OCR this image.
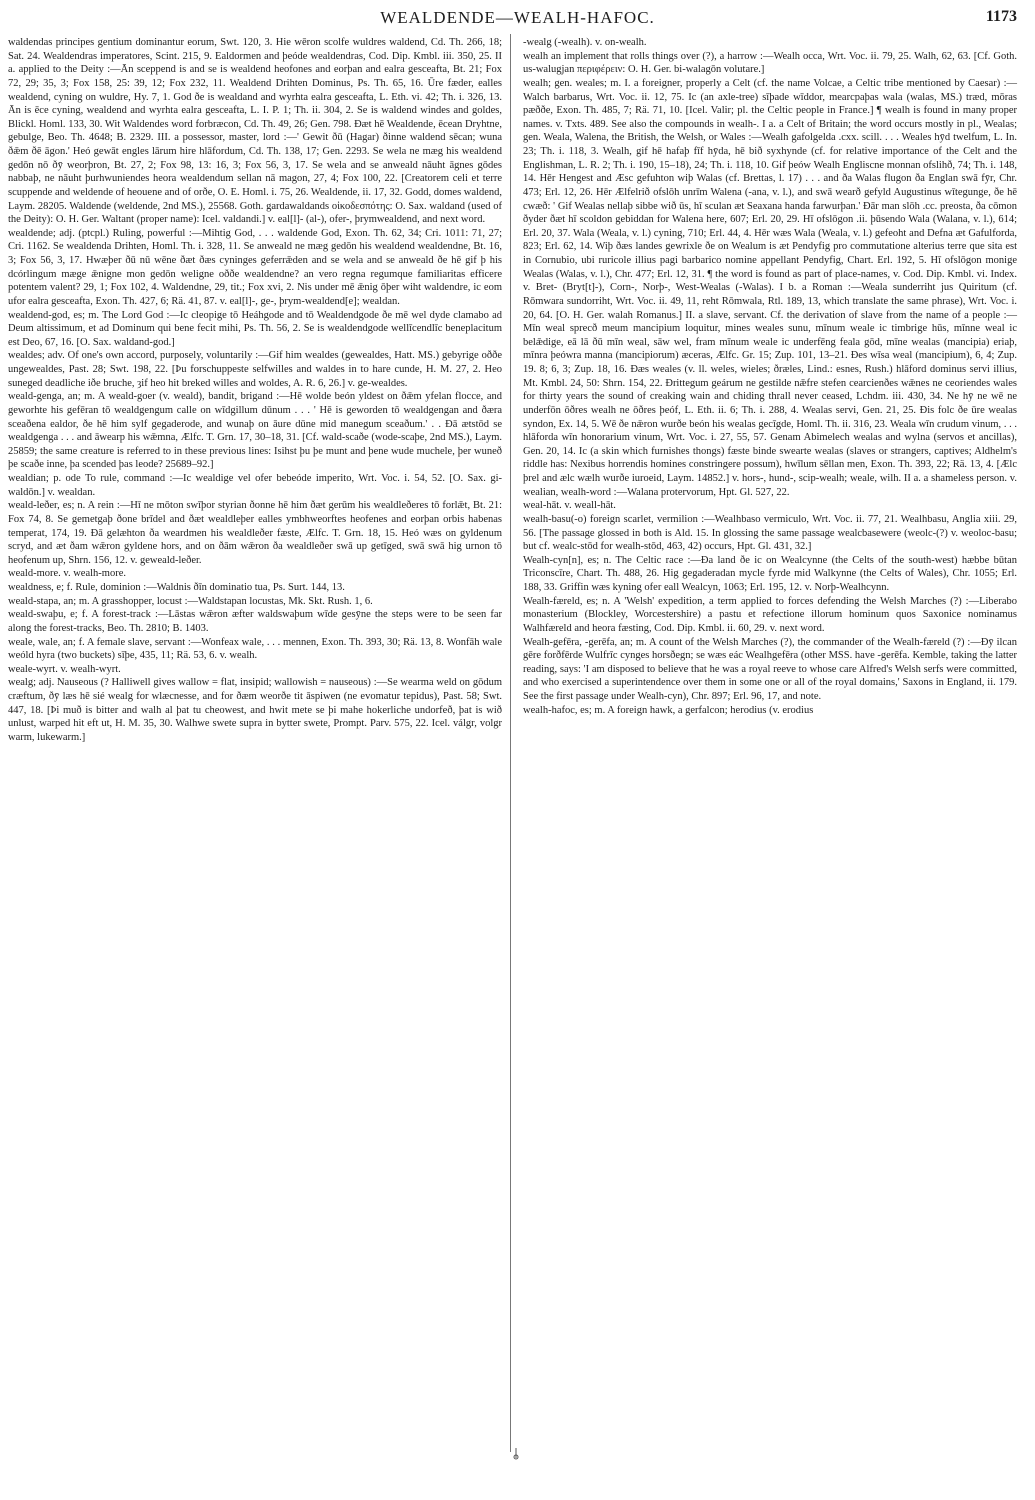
WEALDENDE—WEALH-HAFOC.	1173

waldendas principes gentium dominantur eorum, Swt. 120, 3. Hie wēron scolfe wuldres waldend, Cd. Th. 266, 18; Sat. 24. Wealdendras imperatores, Scint. 215, 9. Ealdormen and þeóde wealdendras, Cod. Dip. Kmbl. iii. 350, 25. II a. applied to the Deity :—Ān sceppend is and se is wealdend heofones and eorþan and ealra gesceafta, Bt. 21; Fox 72, 29; 35, 3; Fox 158, 25: 39, 12; Fox 232, 11. Wealdend Drihten Dominus, Ps. Th. 65, 16. Ūre fæder, ealles wealdend, cyning on wuldre, Hy. 7, 1. God ðe is wealdand and wyrhta ealra gesceafta, L. Eth. vi. 42; Th. i. 326, 13. Ān is ēce cyning, wealdend and wyrhta ealra gesceafta, L. I. P. 1; Th. ii. 304, 2. Se is waldend windes and goldes, Blickl. Homl. 133, 30. Wit Waldendes word forbræcon, Cd. Th. 49, 26; Gen. 798. Ðæt hē Wealdende, ēcean Dryhtne, gebulge, Beo. Th. 4648; B. 2329. III. a possessor, master, lord :—' Gewit ðū (Hagar) ðinne waldend sēcan; wuna ðǣm ðē āgon.' Heó gewāt engles lārum hire hlāfordum, Cd. Th. 138, 17; Gen. 2293. Se wela ne mæg his wealdend gedōn nō ðȳ weorþron, Bt. 27, 2; Fox 98, 13: 16, 3; Fox 56, 3, 17. Se wela and se anweald nāuht āgnes gōdes nabbaþ, ne nāuht þurhwuniendes heora wealdendum sellan nā magon, 27, 4; Fox 100, 22. [Creatorem celi et terre scuppende and weldende of heouene and of orðe, O. E. Homl. i. 75, 26. Wealdende, ii. 17, 32. Godd, domes waldend, Laym. 28205. Waldende (weldende, 2nd MS.), 25568. Goth. gardawaldands οἰκοδεσπότης: O. Sax. waldand (used of the Deity): O. H. Ger. Waltant (proper name): Icel. valdandi.] v. eal[l]- (al-), ofer-, þrymwealdend, and next word.

wealdende; adj. (ptcpl.) Ruling, powerful :—Mihtig God, . . . waldende God, Exon. Th. 62, 34; Cri. 1011: 71, 27; Cri. 1162. Se wealdenda Drihten, Homl. Th. i. 328, 11. Se anweald ne mæg gedōn his wealdend wealdendne, Bt. 16, 3; Fox 56, 3, 17. Hwæþer ðū nū wēne ðæt ðæs cyninges geferrǣden and se wela and se anweald ðe hē gif þ his dcórlingum mæge ǣnigne mon gedōn weligne oððe wealdendne? an vero regna regumque familiaritas efficere potentem valent? 29, 1; Fox 102, 4. Waldendne, 29, tit.; Fox xvi, 2. Nis under mē ǣnig ōþer wiht waldendre, ic eom ufor ealra gesceafta, Exon. Th. 427, 6; Rä. 41, 87. v. eal[l]-, ge-, þrym-wealdend[e]; wealdan.

wealdend-god, es; m. The Lord God :—Ic cleopige tō Heáhgode and tō Wealdendgode ðe mē wel dyde clamabo ad Deum altissimum, et ad Dominum qui bene fecit mihi, Ps. Th. 56, 2. Se is wealdendgode wellīcendlīc beneplacitum est Deo, 67, 16. [O. Sax. waldand-god.]

wealdes; adv. Of one's own accord, purposely, voluntarily :—Gif him wealdes (gewealdes, Hatt. MS.) gebyrige oððe ungewealdes, Past. 28; Swt. 198, 22. [Þu forschuppeste selfwilles and waldes in to hare cunde, H. M. 27, 2. Heo suneged deadliche iðe bruche, ȝif heo hit breked willes and woldes, A. R. 6, 26.] v. ge-wealdes.

weald-genga, an; m. A weald-goer (v. weald), bandit, brigand :—Hē wolde beón yldest on ðǣm yfelan flocce, and geworhte his gefēran tō wealdgengum calle on wīdgillum dūnum . . . ' Hē is geworden tō wealdgengan and ðæra sceaðena ealdor, ðe hē him sylf gegaderode, and wunaþ on āure dūne mid manegum sceaðum.' . . Ðā ætstōd se wealdgenga . . . and āwearp his wǣmna, Ælfc. T. Grn. 17, 30–18, 31. [Cf. wald-scaðe (wode-scaþe, 2nd MS.), Laym. 25859; the same creature is referred to in these previous lines: Isihst þu þe munt and þene wude muchele, þer wuneð þe scaðe inne, þa scended þas leode? 25689–92.]

wealdian; p. ode To rule, command :—Ic wealdige vel ofer bebeóde imperito, Wrt. Voc. i. 54, 52. [O. Sax. gi-waldōn.] v. wealdan.

weald-leðer, es; n. A rein :—Hī ne mōton swīþor styrian ðonne hē him ðæt gerūm his wealdleðeres tō forlǣt, Bt. 21: Fox 74, 8. Se gemetgaþ ðone brīdel and ðæt wealdleþer ealles ymbhweorftes heofenes and eorþan orbis habenas temperat, 174, 19. Ðā gelæhton ða weardmen his wealdleðer fæste, Ælfc. T. Grn. 18, 15. Heó wæs on gyldenum scryd, and æt ðam wǣron gyldene hors, and on ðām wǣron ða wealdleðer swā up getīged, swā swā hig urnon tō heofenum up, Shrn. 156, 12. v. geweald-leðer.

weald-more. v. wealh-more.

wealdness, e; f. Rule, dominion :—Waldnis ðīn dominatio tua, Ps. Surt. 144, 13.

weald-stapa, an; m. A grasshopper, locust :—Waldstapan locustas, Mk. Skt. Rush. 1, 6.

weald-swaþu, e; f. A forest-track :—Lāstas wǣron æfter waldswaþum wīde gesȳne the steps were to be seen far along the forest-tracks, Beo. Th. 2810; B. 1403.

weale, wale, an; f. A female slave, servant :—Wonfeax wale, . . . mennen, Exon. Th. 393, 30; Rä. 13, 8. Wonfāh wale weóld hyra (two buckets) sīþe, 435, 11; Rä. 53, 6. v. wealh.

weale-wyrt. v. wealh-wyrt.

wealg; adj. Nauseous (? Halliwell gives wallow = flat, insipid; wallowish = nauseous) :—Se wearma weld on gōdum cræftum, ðȳ læs hē sié wealg for wlæcnesse, and for ðæm weorðe tit āspiwen (ne evomatur tepidus), Past. 58; Swt. 447, 18. [Þi muð is bitter and walh al þat tu cheowest, and hwit mete se þi mahe hokerliche undorfeð, þat is wið unlust, warped hit eft ut, H. M. 35, 30. Walhwe swete supra in bytter swete, Prompt. Parv. 575, 22. Icel. válgr, volgr warm, lukewarm.]

-wealg (-wealh). v. on-wealh.

wealh an implement that rolls things over (?), a harrow :—Wealh occa, Wrt. Voc. ii. 79, 25. Walh, 62, 63. [Cf. Goth. us-walugjan περιφέρειν: O. H. Ger. bi-walagōn volutare.]

wealh; gen. weales; m. I. a foreigner, properly a Celt (cf. the name Volcae, a Celtic tribe mentioned by Caesar) :—Walch barbarus, Wrt. Voc. ii. 12, 75. Ic (an axle-tree) sīþade wīddor, mearcpaþas wala (walas, MS.) træd, mōras pæððe, Exon. Th. 485, 7; Rä. 71, 10. [Icel. Valir; pl. the Celtic people in France.] ¶ wealh is found in many proper names. v. Txts. 489. See also the compounds in wealh-. I a. a Celt of Britain; the word occurs mostly in pl., Wealas; gen. Weala, Walena, the British, the Welsh, or Wales :—Wealh gafolgelda .cxx. scill. . . . Weales hȳd twelfum, L. In. 23; Th. i. 118, 3. Wealh, gif hē hafaþ fīf hȳda, hē bið syxhynde (cf. for relative importance of the Celt and the Englishman, L. R. 2; Th. i. 190, 15–18), 24; Th. i. 118, 10. Gif þeów Wealh Engliscne monnan ofslihð, 74; Th. i. 148, 14. Hēr Hengest and Æsc gefuhton wiþ Walas (cf. Brettas, l. 17) . . . and ða Walas flugon ða Englan swā fȳr, Chr. 473; Erl. 12, 26. Hēr Ælfelrið ofslōh unrīm Walena (-ana, v. l.), and swā wearð gefyld Augustinus wītegunge, ðe hē cwæð: ' Gif Wealas nellaþ sibbe wið ūs, hī sculan æt Seaxana handa farwurþan.' Ðār man slōh .cc. preosta, ða cōmon ðyder ðæt hī scoldon gebiddan for Walena here, 607; Erl. 20, 29. Hī ofslōgon .ii. þūsendo Wala (Walana, v. l.), 614; Erl. 20, 37. Wala (Weala, v. l.) cyning, 710; Erl. 44, 4. Hēr wæs Wala (Weala, v. l.) gefeoht and Defna æt Gafulforda, 823; Erl. 62, 14. Wiþ ðæs landes gewrixle ðe on Wealum is æt Pendyfig pro commutatione alterius terre que sita est in Cornubio, ubi ruricole illius pagi barbarico nomine appellant Pendyfig, Chart. Erl. 192, 5. Hī ofslōgon monige Wealas (Walas, v. l.), Chr. 477; Erl. 12, 31. ¶ the word is found as part of place-names, v. Cod. Dip. Kmbl. vi. Index. v. Bret- (Bryt[t]-), Corn-, Norþ-, West-Wealas (-Walas). I b. a Roman :—Weala sunderriht jus Quiritum (cf. Rōmwara sundorriht, Wrt. Voc. ii. 49, 11, reht Rōmwala, Rtl. 189, 13, which translate the same phrase), Wrt. Voc. i. 20, 64. [O. H. Ger. walah Romanus.] II. a slave, servant. Cf. the derivation of slave from the name of a people :—Mīn weal sprecð meum mancipium loquitur, mines weales sunu, mīnum weale ic timbrige hūs, mīnne weal ic belǣdige, eā lā ðū mīn weal, sāw wel, fram mīnum weale ic underfēng feala gōd, mīne wealas (mancipia) eriaþ, mīnra þeówra manna (mancipiorum) æceras, Ælfc. Gr. 15; Zup. 101, 13–21. Ðes wīsa weal (mancipium), 6, 4; Zup. 19. 8; 6, 3; Zup. 18, 16. Ðæs weales (v. ll. weles, wieles; ðræles, Lind.: esnes, Rush.) hlāford dominus servi illius, Mt. Kmbl. 24, 50: Shrn. 154, 22. Ðrittegum geárum ne gestilde nǣfre stefen cearcienðes wǣnes ne ceoriendes wales for thirty years the sound of creaking wain and chiding thrall never ceased, Lchdm. iii. 430, 34. Ne hȳ ne wē ne underfōn ōðres wealh ne ōðres þeóf, L. Eth. ii. 6; Th. i. 288, 4. Wealas servi, Gen. 21, 25. Ðis folc ðe ūre wealas syndon, Ex. 14, 5. Wē ðe nǣron wurðe beón his wealas gecīgde, Homl. Th. ii. 316, 23. Weala wīn crudum vinum, . . . hlāforda wīn honorarium vinum, Wrt. Voc. i. 27, 55, 57. Genam Abimelech wealas and wylna (servos et ancillas), Gen. 20, 14. Ic (a skin which furnishes thongs) fæste binde swearte wealas (slaves or strangers, captives; Aldhelm's riddle has: Nexibus horrendis homines constringere possum), hwīlum sēllan men, Exon. Th. 393, 22; Rä. 13, 4. [Ælc þrel and ælc wælh wurðe iuroeid, Laym. 14852.] v. hors-, hund-, scip-wealh; weale, wilh. II a. a shameless person. v. wealian, wealh-word :—Walana protervorum, Hpt. Gl. 527, 22.

weal-hāt. v. weall-hāt.

wealh-basu(-o) foreign scarlet, vermilion :—Wealhbaso vermiculo, Wrt. Voc. ii. 77, 21. Wealhbasu, Anglia xiii. 29, 56. [The passage glossed in both is Ald. 15. In glossing the same passage wealcbasewere (weolc-(?) v. weoloc-basu; but cf. wealc-stōd for wealh-stōd, 463, 42) occurs, Hpt. Gl. 431, 32.]

Wealh-cyn[n], es; n. The Celtic race :—Ða land ðe ic on Wealcynne (the Celts of the south-west) hæbbe būtan Triconscīre, Chart. Th. 488, 26. Hig gegaderadan mycle fyrde mid Walkynne (the Celts of Wales), Chr. 1055; Erl. 188, 33. Griffin wæs kyning ofer eall Wealcyn, 1063; Erl. 195, 12. v. Norþ-Wealhcynn.

Wealh-færeld, es; n. A 'Welsh' expedition, a term applied to forces defending the Welsh Marches (?) :—Liberabo monasterium (Blockley, Worcestershire) a pastu et refectione illorum hominum quos Saxonice nominamus Walhfæreld and heora fæsting, Cod. Dip. Kmbl. ii. 60, 29. v. next word.

Wealh-gefēra, -gerēfa, an; m. A count of the Welsh Marches (?), the commander of the Wealh-færeld (?) :—Ðȳ ilcan gēre forðfērde Wulfrīc cynges horsðegn; se wæs eác Wealhgefēra (other MSS. have -gerēfa. Kemble, taking the latter reading, says: 'I am disposed to believe that he was a royal reeve to whose care Alfred's Welsh serfs were committed, and who exercised a superintendence over them in some one or all of the royal domains,' Saxons in England, ii. 179. See the first passage under Wealh-cyn), Chr. 897; Erl. 96, 17, and note.

wealh-hafoc, es; m. A foreign hawk, a gerfalcon; herodius (v. erodius
